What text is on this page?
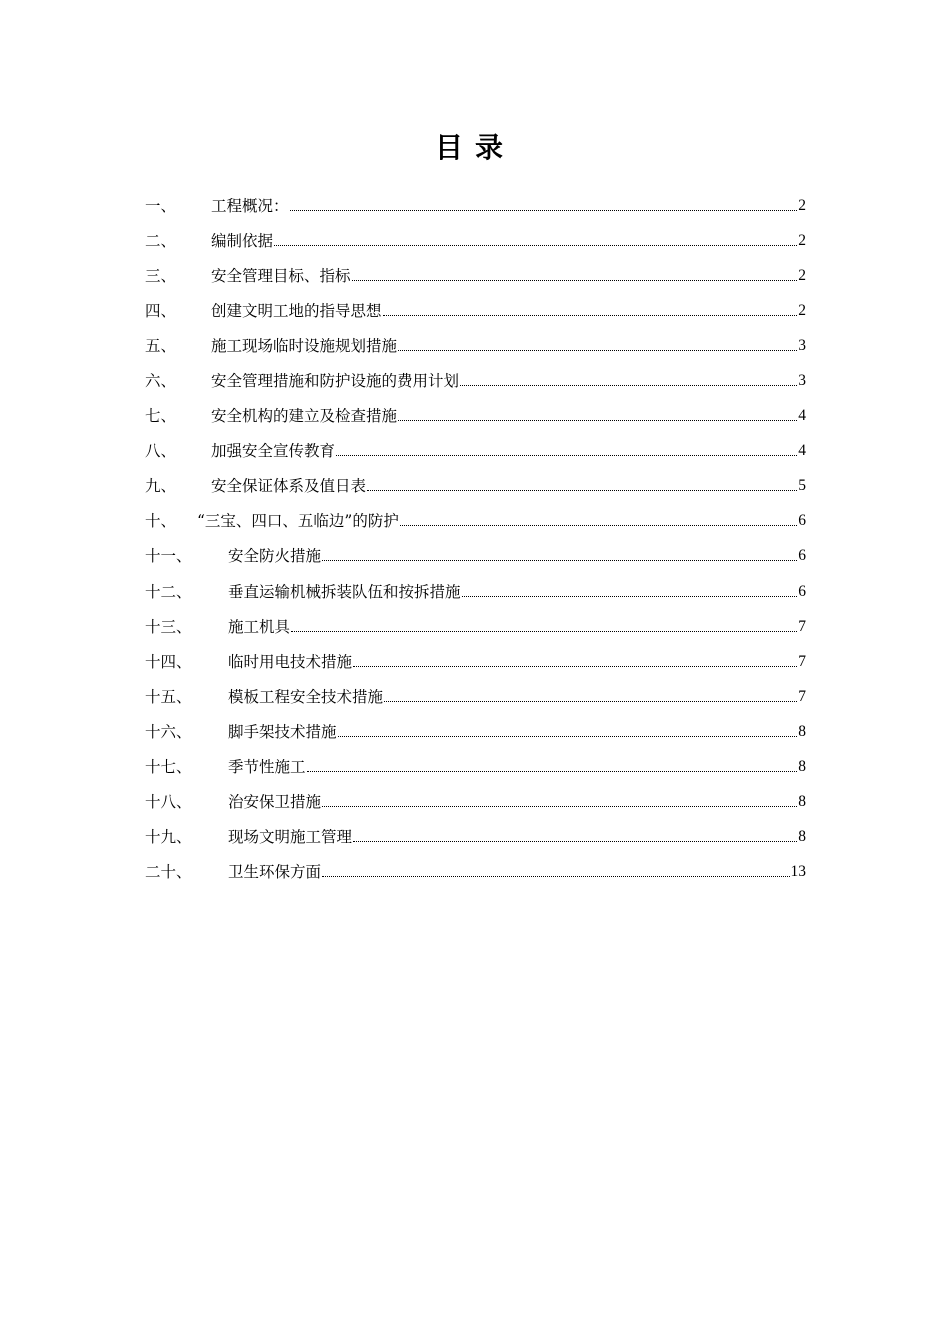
目录
一、	工程概况：	2
二、	编制依据	2
三、	安全管理目标、指标	2
四、	创建文明工地的指导思想	2
五、	施工现场临时设施规划措施	3
六、	安全管理措施和防护设施的费用计划	3
七、	安全机构的建立及检查措施	4
八、	加强安全宣传教育	4
九、	安全保证体系及值日表	5
十、	“三宝、四口、五临边”的防护	6
十一、	安全防火措施	6
十二、	垂直运输机械拆装队伍和按拆措施	6
十三、	施工机具	7
十四、	临时用电技术措施	7
十五、	模板工程安全技术措施	7
十六、	脚手架技术措施	8
十七、	季节性施工	8
十八、	治安保卫措施	8
十九、	现场文明施工管理	8
二十、	卫生环保方面	13
